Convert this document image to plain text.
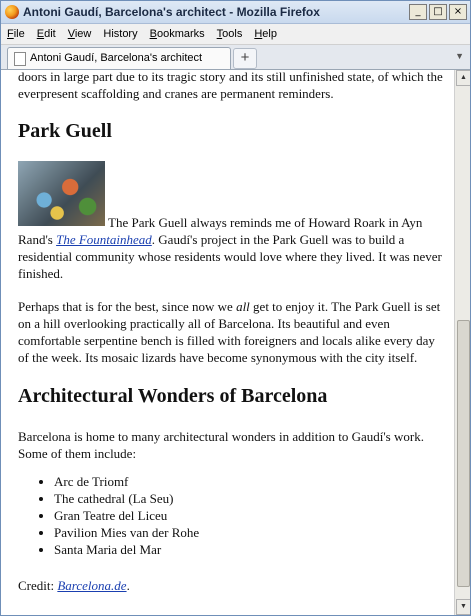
Antoni Gaudí, Barcelona's architect - Mozilla Firefox	_	□	×
File	Edit	View	History	Bookmarks	Tools	Help
Antoni Gaudí, Barcelona's architect	+	▼

doors in large part due to its tragic story and its still unfinished state, of which the everpresent scaffolding and cranes are permanent reminders.

Park Guell

The Park Guell always reminds me of Howard Roark in Ayn Rand's The Fountainhead. Gaudí's project in the Park Guell was to build a residential community whose residents would love where they lived. It was never finished.

Perhaps that is for the best, since now we all get to enjoy it. The Park Guell is set on a hill overlooking practically all of Barcelona. Its beautiful and even comfortable serpentine bench is filled with foreigners and locals alike every day of the week. Its mosaic lizards have become synonymous with the city itself.

Architectural Wonders of Barcelona

Barcelona is home to many architectural wonders in addition to Gaudí's work. Some of them include:

• Arc de Triomf
• The cathedral (La Seu)
• Gran Teatre del Liceu
• Pavilion Mies van der Rohe
• Santa Maria del Mar

Credit: Barcelona.de.

▲
▼
